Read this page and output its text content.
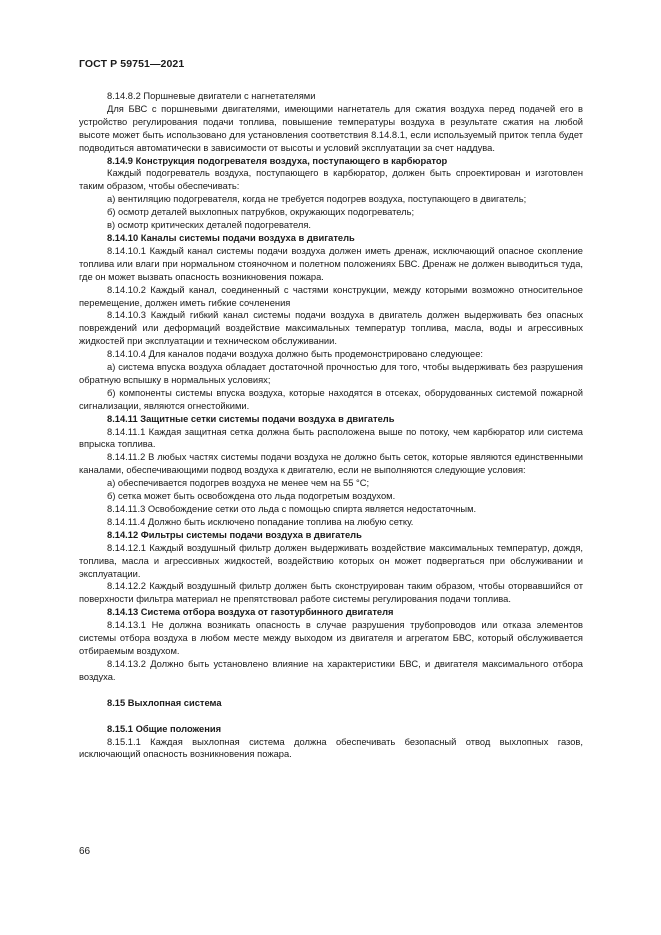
ГОСТ Р 59751—2021

8.14.8.2 Поршневые двигатели с нагнетателями

Для БВС с поршневыми двигателями, имеющими нагнетатель для сжатия воздуха перед подачей его в устройство регулирования подачи топлива, повышение температуры воздуха в результате сжатия на любой высоте может быть использовано для установления соответствия 8.14.8.1, если используемый приток тепла будет подводиться автоматически в зависимости от высоты и условий эксплуатации за счет наддува.

8.14.9 Конструкция подогревателя воздуха, поступающего в карбюратор

Каждый подогреватель воздуха, поступающего в карбюратор, должен быть спроектирован и изготовлен таким образом, чтобы обеспечивать:

а) вентиляцию подогревателя, когда не требуется подогрев воздуха, поступающего в двигатель;

б) осмотр деталей выхлопных патрубков, окружающих подогреватель;

в) осмотр критических деталей подогревателя.

8.14.10 Каналы системы подачи воздуха в двигатель

8.14.10.1 Каждый канал системы подачи воздуха должен иметь дренаж, исключающий опасное скопление топлива или влаги при нормальном стояночном и полетном положениях БВС. Дренаж не должен выводиться туда, где он может вызвать опасность возникновения пожара.

8.14.10.2 Каждый канал, соединенный с частями конструкции, между которыми возможно относительное перемещение, должен иметь гибкие сочленения

8.14.10.3 Каждый гибкий канал системы подачи воздуха в двигатель должен выдерживать без опасных повреждений или деформаций воздействие максимальных температур топлива, масла, воды и агрессивных жидкостей при эксплуатации и техническом обслуживании.

8.14.10.4 Для каналов подачи воздуха должно быть продемонстрировано следующее:

а) система впуска воздуха обладает достаточной прочностью для того, чтобы выдерживать без разрушения обратную вспышку в нормальных условиях;

б) компоненты системы впуска воздуха, которые находятся в отсеках, оборудованных системой пожарной сигнализации, являются огнестойкими.

8.14.11 Защитные сетки системы подачи воздуха в двигатель

8.14.11.1 Каждая защитная сетка должна быть расположена выше по потоку, чем карбюратор или система впрыска топлива.

8.14.11.2 В любых частях системы подачи воздуха не должно быть сеток, которые являются единственными каналами, обеспечивающими подвод воздуха к двигателю, если не выполняются следующие условия:

а) обеспечивается подогрев воздуха не менее чем на 55 °С;

б) сетка может быть освобождена ото льда подогретым воздухом.

8.14.11.3 Освобождение сетки ото льда с помощью спирта является недостаточным.

8.14.11.4 Должно быть исключено попадание топлива на любую сетку.

8.14.12 Фильтры системы подачи воздуха в двигатель

8.14.12.1 Каждый воздушный фильтр должен выдерживать воздействие максимальных температур, дождя, топлива, масла и агрессивных жидкостей, воздействию которых он может подвергаться при обслуживании и эксплуатации.

8.14.12.2 Каждый воздушный фильтр должен быть сконструирован таким образом, чтобы оторвавшийся от поверхности фильтра материал не препятствовал работе системы регулирования подачи топлива.

8.14.13 Система отбора воздуха от газотурбинного двигателя

8.14.13.1 Не должна возникать опасность в случае разрушения трубопроводов или отказа элементов системы отбора воздуха в любом месте между выходом из двигателя и агрегатом БВС, который обслуживается отбираемым воздухом.

8.14.13.2 Должно быть установлено влияние на характеристики БВС, и двигателя максимального отбора воздуха.

8.15 Выхлопная система

8.15.1 Общие положения

8.15.1.1 Каждая выхлопная система должна обеспечивать безопасный отвод выхлопных газов, исключающий опасность возникновения пожара.

66
